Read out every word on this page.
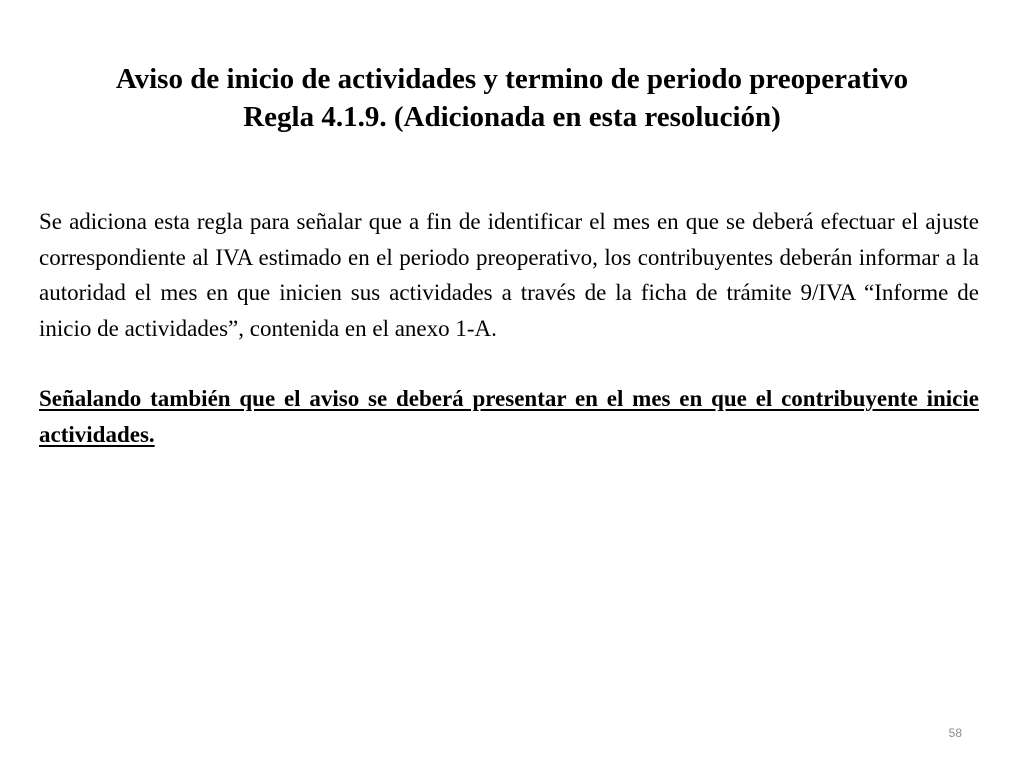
Aviso de inicio de actividades y termino de periodo preoperativo
Regla 4.1.9. (Adicionada en esta resolución)

Se adiciona esta regla para señalar que a fin de identificar el mes en que se deberá efectuar el ajuste correspondiente al IVA estimado en el periodo preoperativo, los contribuyentes deberán informar a la autoridad el mes en que inicien sus actividades a través de la ficha de trámite 9/IVA “Informe de inicio de actividades”, contenida en el anexo 1-A.

Señalando también que el aviso se deberá presentar en el mes en que el contribuyente inicie actividades.

58
